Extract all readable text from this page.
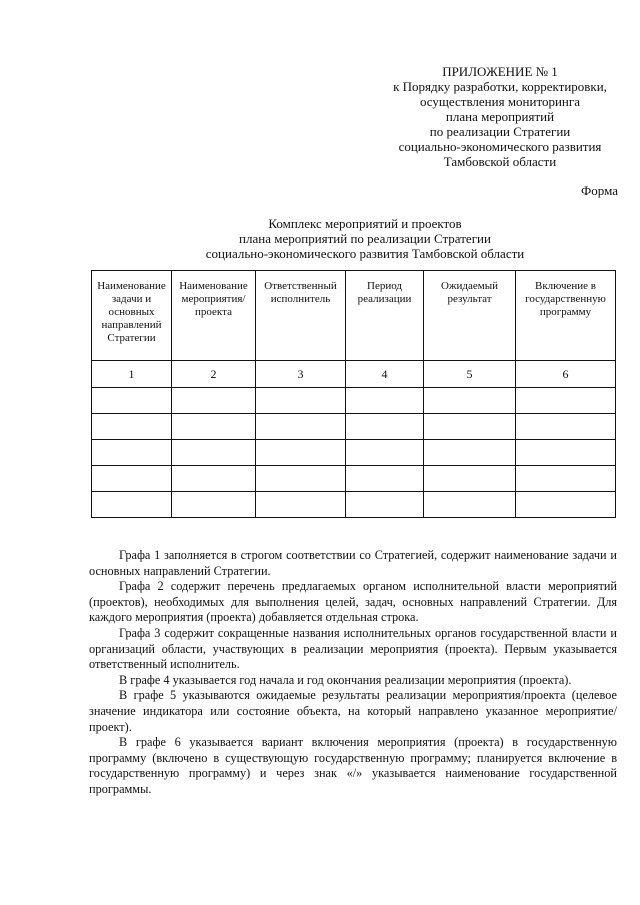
ПРИЛОЖЕНИЕ № 1
к Порядку разработки, корректировки,
осуществления мониторинга
плана мероприятий
по реализации Стратегии
социально-экономического развития
Тамбовской области
Форма
Комплекс мероприятий и проектов
плана мероприятий по реализации Стратегии
социально-экономического развития Тамбовской области
Наименование задачи и основных направлений Стратегии	Наименование мероприятия/ проекта	Ответственный исполнитель	Период реализации	Ожидаемый результат	Включение в государственную программу
1	2	3	4	5	6

Графа 1 заполняется в строгом соответствии со Стратегией, содержит наименование задачи и основных направлений Стратегии.

Графа 2 содержит перечень предлагаемых органом исполнительной власти мероприятий (проектов), необходимых для выполнения целей, задач, основных направлений Стратегии. Для каждого мероприятия (проекта) добавляется отдельная строка.

Графа 3 содержит сокращенные названия исполнительных органов государственной власти и организаций области, участвующих в реализации мероприятия (проекта). Первым указывается ответственный исполнитель.

В графе 4 указывается год начала и год окончания реализации мероприятия (проекта).

В графе 5 указываются ожидаемые результаты реализации мероприятия/проекта (целевое значение индикатора или состояние объекта, на который направлено указанное мероприятие/проект).

В графе 6 указывается вариант включения мероприятия (проекта) в государственную программу (включено в существующую государственную программу; планируется включение в государственную программу) и через знак «/» указывается наименование государственной программы.
